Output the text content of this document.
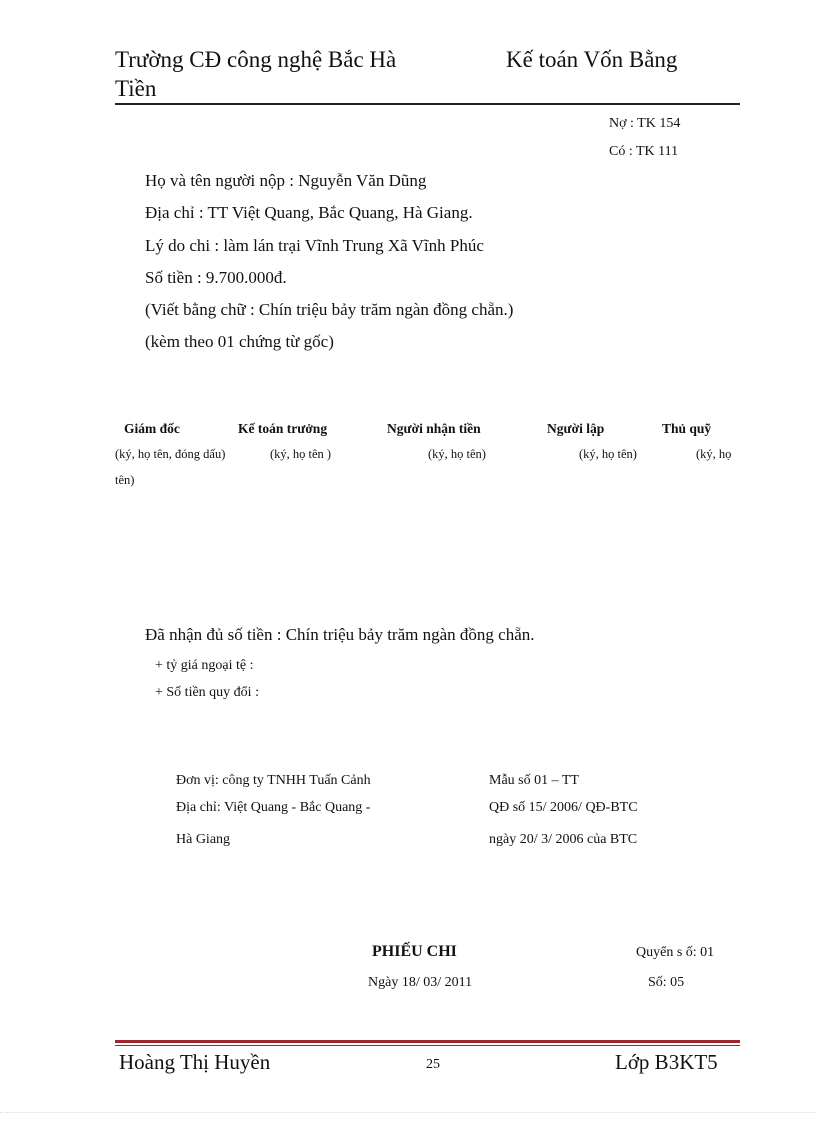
Trường CĐ công nghệ Bắc Hà
Tiền
Kế toán Vốn Bằng
Nợ : TK 154
Có : TK 111
Họ và tên người nộp : Nguyễn Văn Dũng
Địa chỉ : TT Việt Quang, Bắc Quang, Hà Giang.
Lý do chi : làm lán trại Vĩnh Trung Xã Vĩnh Phúc
Số tiền : 9.700.000đ.
(Viết bằng chữ : Chín triệu bảy trăm ngàn đồng chẵn.)
(kèm theo 01 chứng từ gốc)
Giám đốc	Kế toán trưởng	Người nhận tiền	Người lập	Thủ quỹ
(ký, họ tên, đóng dấu)	(ký, họ tên )	(ký, họ tên)	(ký, họ tên)	(ký, họ
tên)
Đã nhận đủ số tiền : Chín triệu bảy trăm ngàn đồng chẵn.
+ tỷ giá ngoại tệ :
+ Số tiền quy đổi :
Đơn vị: công ty TNHH Tuấn Cảnh
Địa chỉ: Việt Quang - Bắc Quang -
Hà Giang
Mẫu số 01 – TT
QĐ số 15/ 2006/ QĐ-BTC
ngày 20/ 3/ 2006 của BTC
PHIẾU CHI
Ngày 18/ 03/ 2011
Quyển s ố: 01
Số: 05
Hoàng Thị Huyền	25	Lớp B3KT5
